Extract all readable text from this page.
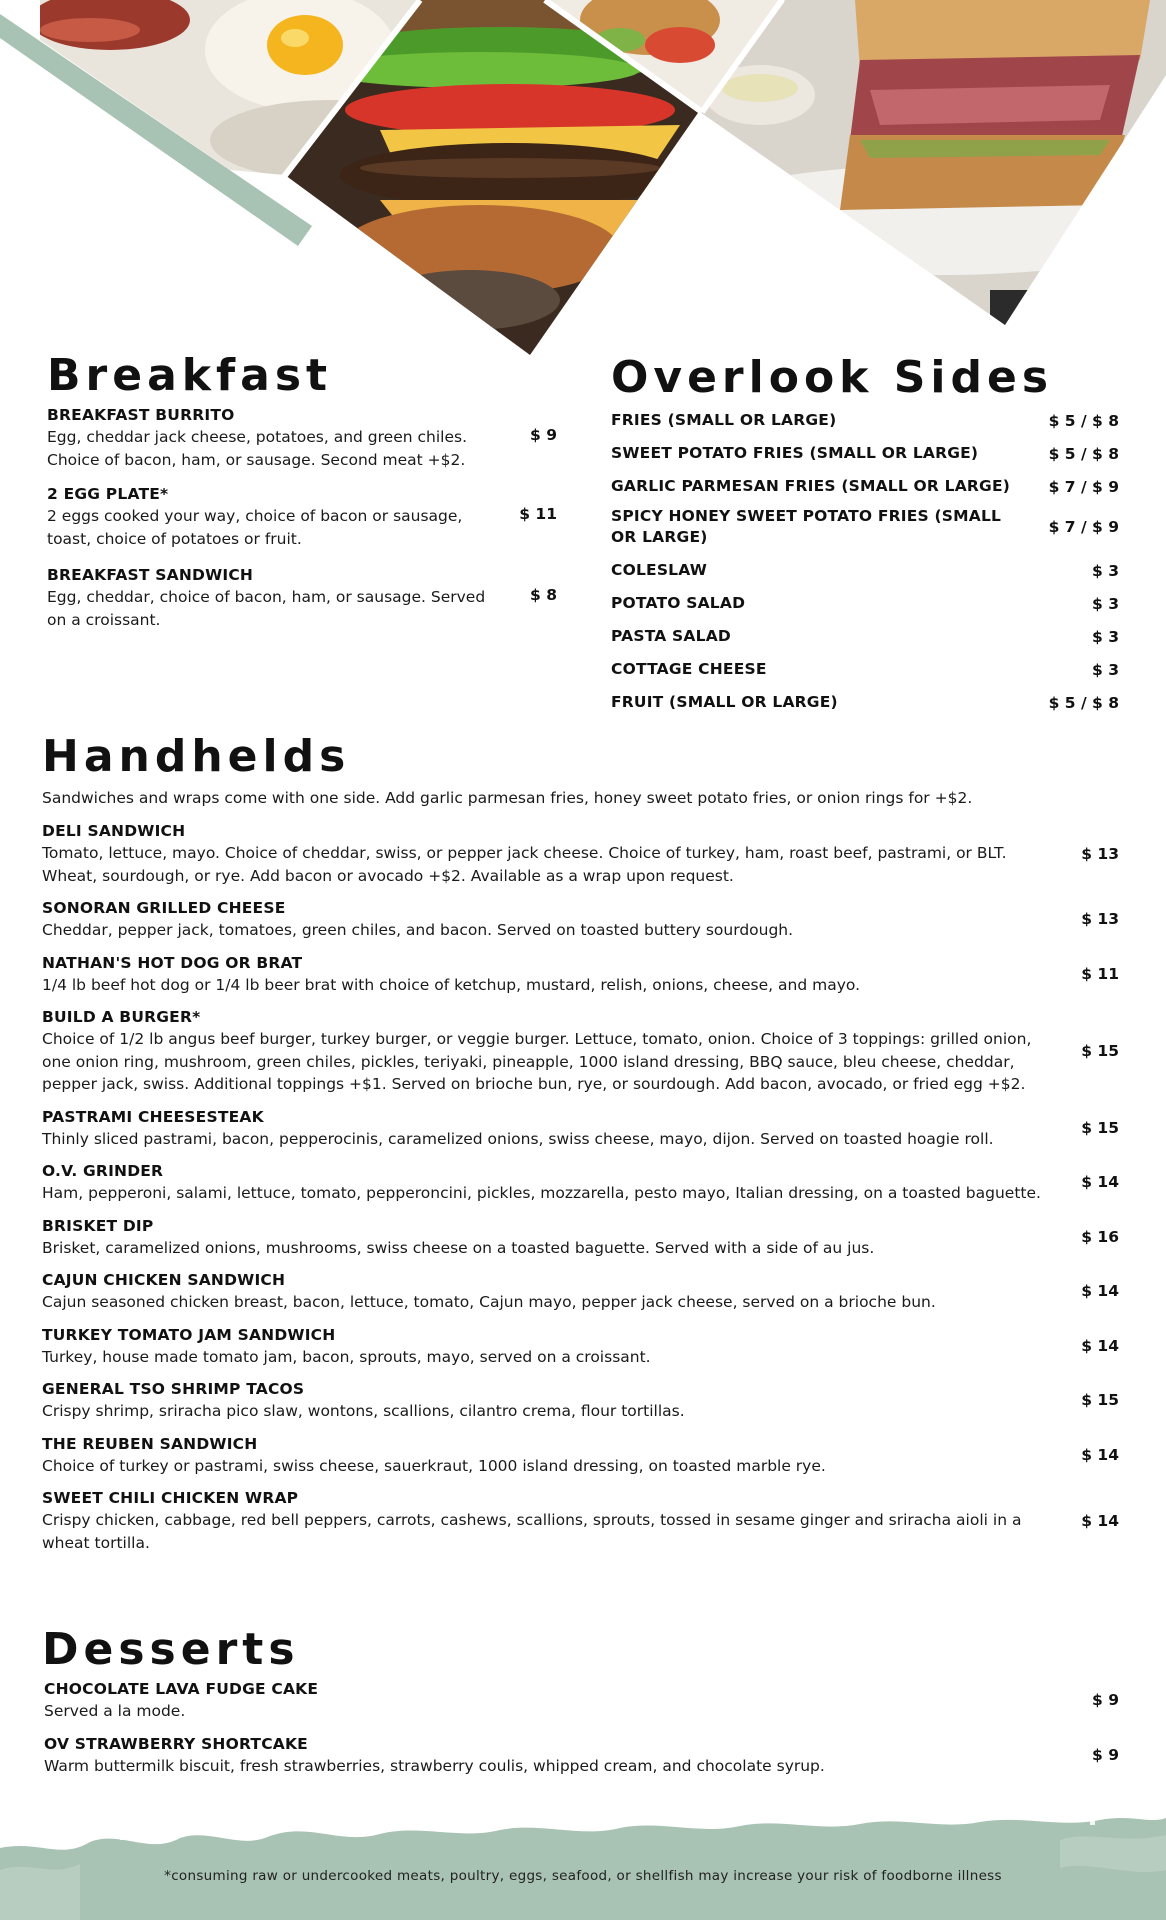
Breakfast
BREAKFAST BURRITO
Egg, cheddar jack cheese, potatoes, and green chiles. Choice of bacon, ham, or sausage. Second meat +$2.
$ 9
2 EGG PLATE*
2 eggs cooked your way, choice of bacon or sausage, toast, choice of potatoes or fruit.
$ 11
BREAKFAST SANDWICH
Egg, cheddar, choice of bacon, ham, or sausage. Served on a croissant.
$ 8
Overlook Sides
FRIES (SMALL OR LARGE)	$ 5 / $ 8
SWEET POTATO FRIES (SMALL OR LARGE)	$ 5 / $ 8
GARLIC PARMESAN FRIES (SMALL OR LARGE) $ 7 / $ 9
SPICY HONEY SWEET POTATO FRIES (SMALL OR LARGE)
$ 7 / $ 9
COLESLAW	$ 3
POTATO SALAD	$ 3
PASTA SALAD	$ 3
COTTAGE CHEESE	$ 3
FRUIT (SMALL OR LARGE)	$ 5 / $ 8
Handhelds
Sandwiches and wraps come with one side. Add garlic parmesan fries, honey sweet potato fries, or onion rings for +$2.
DELI SANDWICH
Tomato, lettuce, mayo. Choice of cheddar, swiss, or pepper jack cheese. Choice of turkey, ham, roast beef, pastrami, or BLT. Wheat, sourdough, or rye. Add bacon or avocado +$2. Available as a wrap upon request.
$ 13
SONORAN GRILLED CHEESE
Cheddar, pepper jack, tomatoes, green chiles, and bacon. Served on toasted buttery sourdough.
$ 13
NATHAN'S HOT DOG OR BRAT
1/4 lb beef hot dog or 1/4 lb beer brat with choice of ketchup, mustard, relish, onions, cheese, and mayo.
$ 11
BUILD A BURGER*
Choice of 1/2 lb angus beef burger, turkey burger, or veggie burger. Lettuce, tomato, onion. Choice of 3 toppings: grilled onion, one onion ring, mushroom, green chiles, pickles, teriyaki, pineapple, 1000 island dressing, BBQ sauce, bleu cheese, cheddar, pepper jack, swiss. Additional toppings +$1. Served on brioche bun, rye, or sourdough. Add bacon, avocado, or fried egg +$2.
$ 15
PASTRAMI CHEESESTEAK
Thinly sliced pastrami, bacon, pepperocinis, caramelized onions, swiss cheese, mayo, dijon. Served on toasted hoagie roll.
$ 15
O.V. GRINDER
Ham, pepperoni, salami, lettuce, tomato, pepperoncini, pickles, mozzarella, pesto mayo, Italian dressing, on a toasted baguette.
$ 14
BRISKET DIP
Brisket, caramelized onions, mushrooms, swiss cheese on a toasted baguette. Served with a side of au jus.
$ 16
CAJUN CHICKEN SANDWICH
Cajun seasoned chicken breast, bacon, lettuce, tomato, Cajun mayo, pepper jack cheese, served on a brioche bun.
$ 14
TURKEY TOMATO JAM SANDWICH
Turkey, house made tomato jam, bacon, sprouts, mayo, served on a croissant.
$ 14
GENERAL TSO SHRIMP TACOS
Crispy shrimp, sriracha pico slaw, wontons, scallions, cilantro crema, flour tortillas.
$ 15
THE REUBEN SANDWICH
Choice of turkey or pastrami, swiss cheese, sauerkraut, 1000 island dressing, on toasted marble rye.
$ 14
SWEET CHILI CHICKEN WRAP
Crispy chicken, cabbage, red bell peppers, carrots, cashews, scallions, sprouts, tossed in sesame ginger and sriracha aioli in a wheat tortilla.
$ 14
Desserts
CHOCOLATE LAVA FUDGE CAKE
Served a la mode.
$ 9
OV STRAWBERRY SHORTCAKE
Warm buttermilk biscuit, fresh strawberries, strawberry coulis, whipped cream, and chocolate syrup.
$ 9
*consuming raw or undercooked meats, poultry, eggs, seafood, or shellfish may increase your risk of foodborne illness
